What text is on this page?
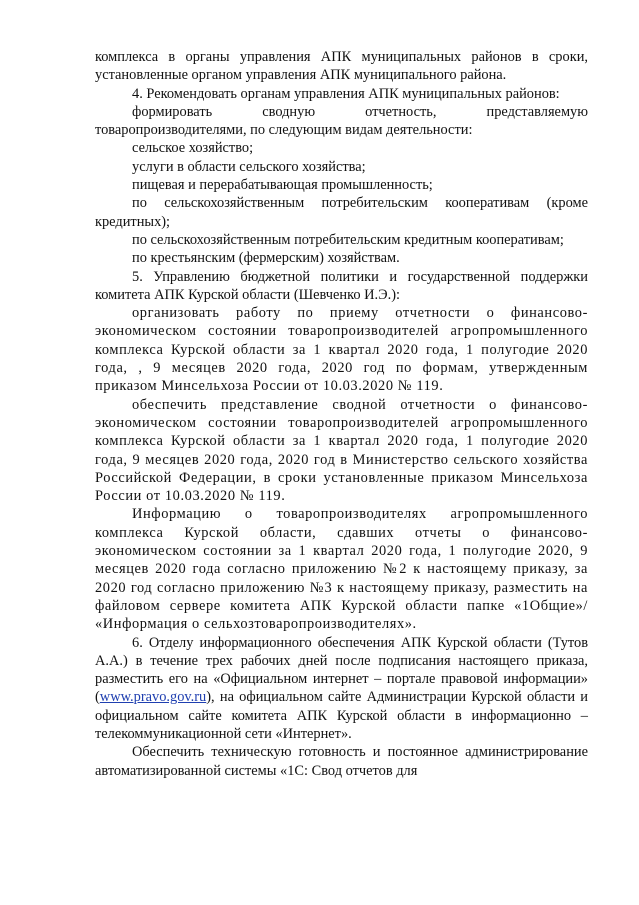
комплекса в органы управления АПК муниципальных районов в сроки, установленные органом управления АПК муниципального района.

4. Рекомендовать органам управления АПК муниципальных районов:

формировать сводную отчетность, представляемую товаропроизводителями, по следующим видам деятельности:

сельское хозяйство;

услуги в области сельского хозяйства;

пищевая и перерабатывающая промышленность;

по сельскохозяйственным потребительским кооперативам (кроме кредитных);

по сельскохозяйственным потребительским кредитным кооперативам;

по крестьянским (фермерским) хозяйствам.

5. Управлению бюджетной политики и государственной поддержки комитета АПК Курской области (Шевченко И.Э.):

организовать работу по приему отчетности о финансово-экономическом состоянии товаропроизводителей агропромышленного комплекса Курской области за 1 квартал 2020 года, 1 полугодие 2020 года, , 9 месяцев 2020 года, 2020 год по формам, утвержденным приказом Минсельхоза России от 10.03.2020 № 119.

обеспечить представление сводной отчетности о финансово-экономическом состоянии товаропроизводителей агропромышленного комплекса Курской области за 1 квартал 2020 года, 1 полугодие 2020 года, 9 месяцев 2020 года, 2020 год в Министерство сельского хозяйства Российской Федерации, в сроки установленные приказом Минсельхоза России от 10.03.2020 № 119.

Информацию о товаропроизводителях агропромышленного комплекса Курской области, сдавших отчеты о финансово-экономическом состоянии за 1 квартал 2020 года, 1 полугодие 2020, 9 месяцев 2020 года согласно приложению №2 к настоящему приказу, за 2020 год согласно приложению №3 к настоящему приказу, разместить на файловом сервере комитета АПК Курской области папке «1Общие»/ «Информация о сельхозтоваропроизводителях».

6. Отделу информационного обеспечения АПК Курской области (Тутов А.А.) в течение трех рабочих дней после подписания настоящего приказа, разместить его на «Официальном интернет – портале правовой информации» (www.pravo.gov.ru), на официальном сайте Администрации Курской области и официальном сайте комитета АПК Курской области в информационно – телекоммуникационной сети «Интернет».

Обеспечить техническую готовность и постоянное администрирование автоматизированной системы «1С: Свод отчетов для
